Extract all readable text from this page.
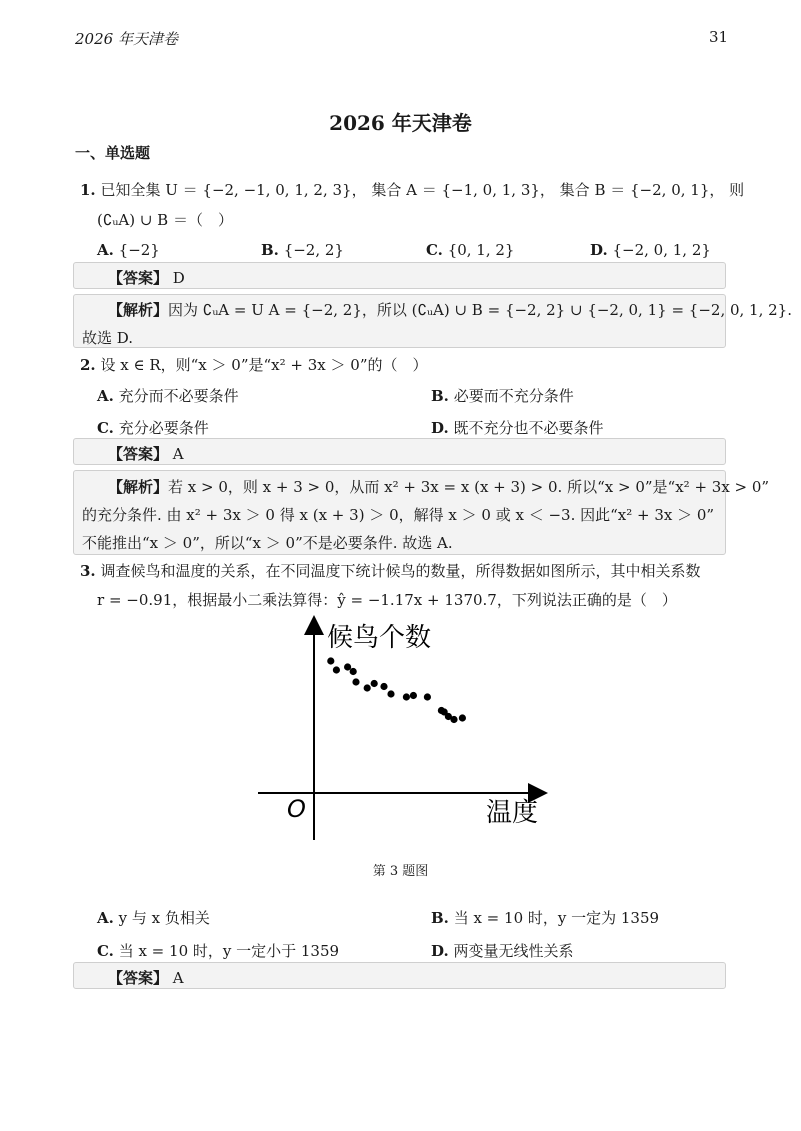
2026 年天津卷	31
2026 年天津卷
一、单选题
1. 已知全集 U ＝ {−2, −1, 0, 1, 2, 3}， 集合 A ＝ {−1, 0, 1, 3}， 集合 B ＝ {−2, 0, 1}， 则
(∁ᵤA) ∪ B ＝（　）
A. {−2}	B. {−2, 2}	C. {0, 1, 2}	D. {−2, 0, 1, 2}
【答案】 D
【解析】因为 ∁ᵤA = U A = {−2, 2}，所以 (∁ᵤA) ∪ B = {−2, 2} ∪ {−2, 0, 1} = {−2, 0, 1, 2}.
故选 D.
2. 设 x ∈ R，则“x ＞ 0”是“x² + 3x ＞ 0”的（　）
A. 充分而不必要条件	B. 必要而不充分条件
C. 充分必要条件	D. 既不充分也不必要条件
【答案】 A
【解析】若 x > 0，则 x + 3 > 0，从而 x² + 3x = x (x + 3) > 0. 所以“x > 0”是“x² + 3x > 0”
的充分条件. 由 x² + 3x ＞ 0 得 x (x + 3) ＞ 0，解得 x ＞ 0 或 x ＜ −3. 因此“x² + 3x ＞ 0”
不能推出“x ＞ 0”，所以“x ＞ 0”不是必要条件. 故选 A.
3. 调查候鸟和温度的关系，在不同温度下统计候鸟的数量，所得数据如图所示，其中相关系数
r = −0.91，根据最小二乘法算得：ŷ = −1.17x + 1370.7，下列说法正确的是（　）
候鸟个数
温度
O
第 3 题图
A. y 与 x 负相关	B. 当 x = 10 时，y 一定为 1359
C. 当 x = 10 时，y 一定小于 1359	D. 两变量无线性关系
【答案】 A
